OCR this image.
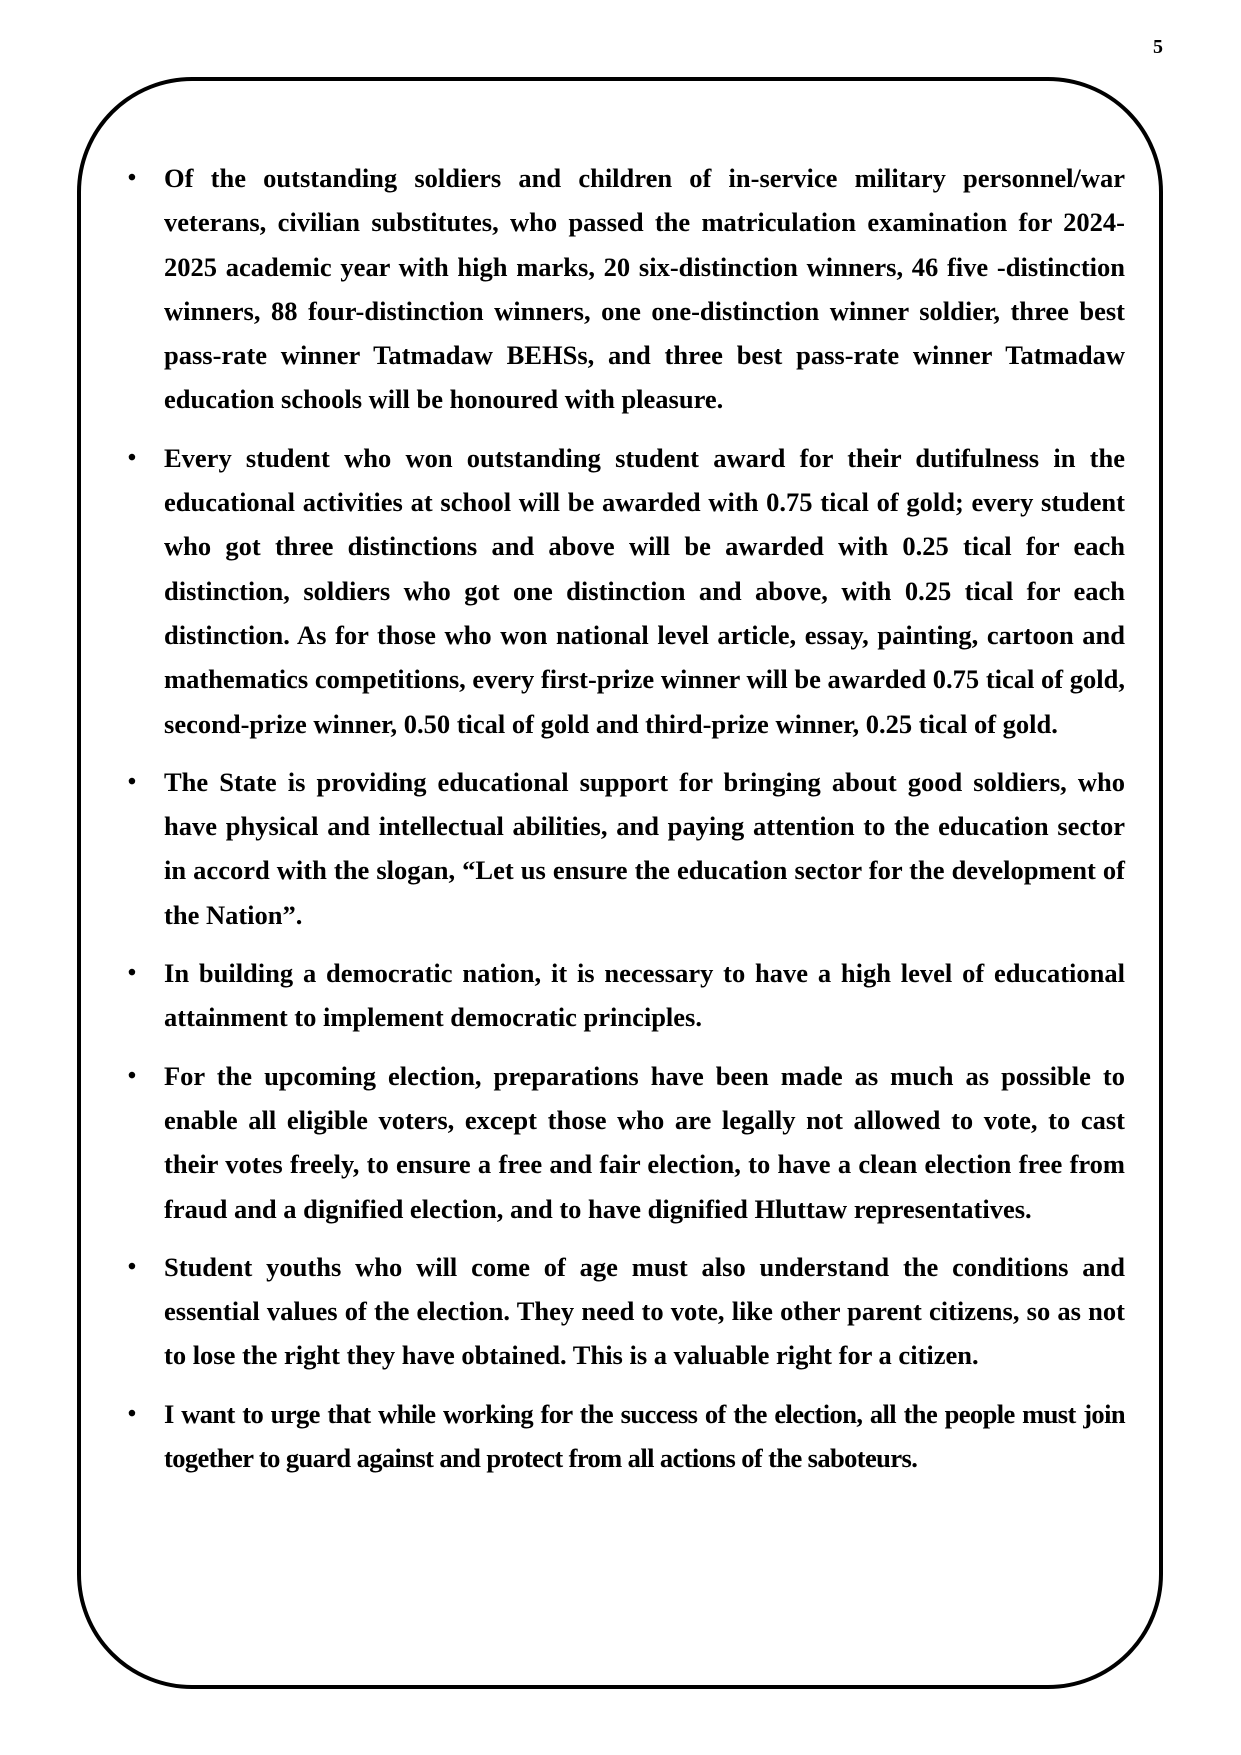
5
• Of the outstanding soldiers and children of in-service military personnel/war veterans, civilian substitutes, who passed the matriculation examination for 2024-2025 academic year with high marks, 20 six-distinction winners, 46 five -distinction winners, 88 four-distinction winners, one one-distinction winner soldier, three best pass-rate winner Tatmadaw BEHSs, and three best pass-rate winner Tatmadaw education schools will be honoured with pleasure.
• Every student who won outstanding student award for their dutifulness in the educational activities at school will be awarded with 0.75 tical of gold; every student who got three distinctions and above will be awarded with 0.25 tical for each distinction, soldiers who got one distinction and above, with 0.25 tical for each distinction. As for those who won national level article, essay, painting, cartoon and mathematics competitions, every first-prize winner will be awarded 0.75 tical of gold, second-prize winner, 0.50 tical of gold and third-prize winner, 0.25 tical of gold.
• The State is providing educational support for bringing about good soldiers, who have physical and intellectual abilities, and paying attention to the education sector in accord with the slogan, “Let us ensure the education sector for the development of the Nation”.
• In building a democratic nation, it is necessary to have a high level of educational attainment to implement democratic principles.
• For the upcoming election, preparations have been made as much as possible to enable all eligible voters, except those who are legally not allowed to vote, to cast their votes freely, to ensure a free and fair election, to have a clean election free from fraud and a dignified election, and to have dignified Hluttaw representatives.
• Student youths who will come of age must also understand the conditions and essential values of the election. They need to vote, like other parent citizens, so as not to lose the right they have obtained. This is a valuable right for a citizen.
• I want to urge that while working for the success of the election, all the people must join together to guard against and protect from all actions of the saboteurs.
